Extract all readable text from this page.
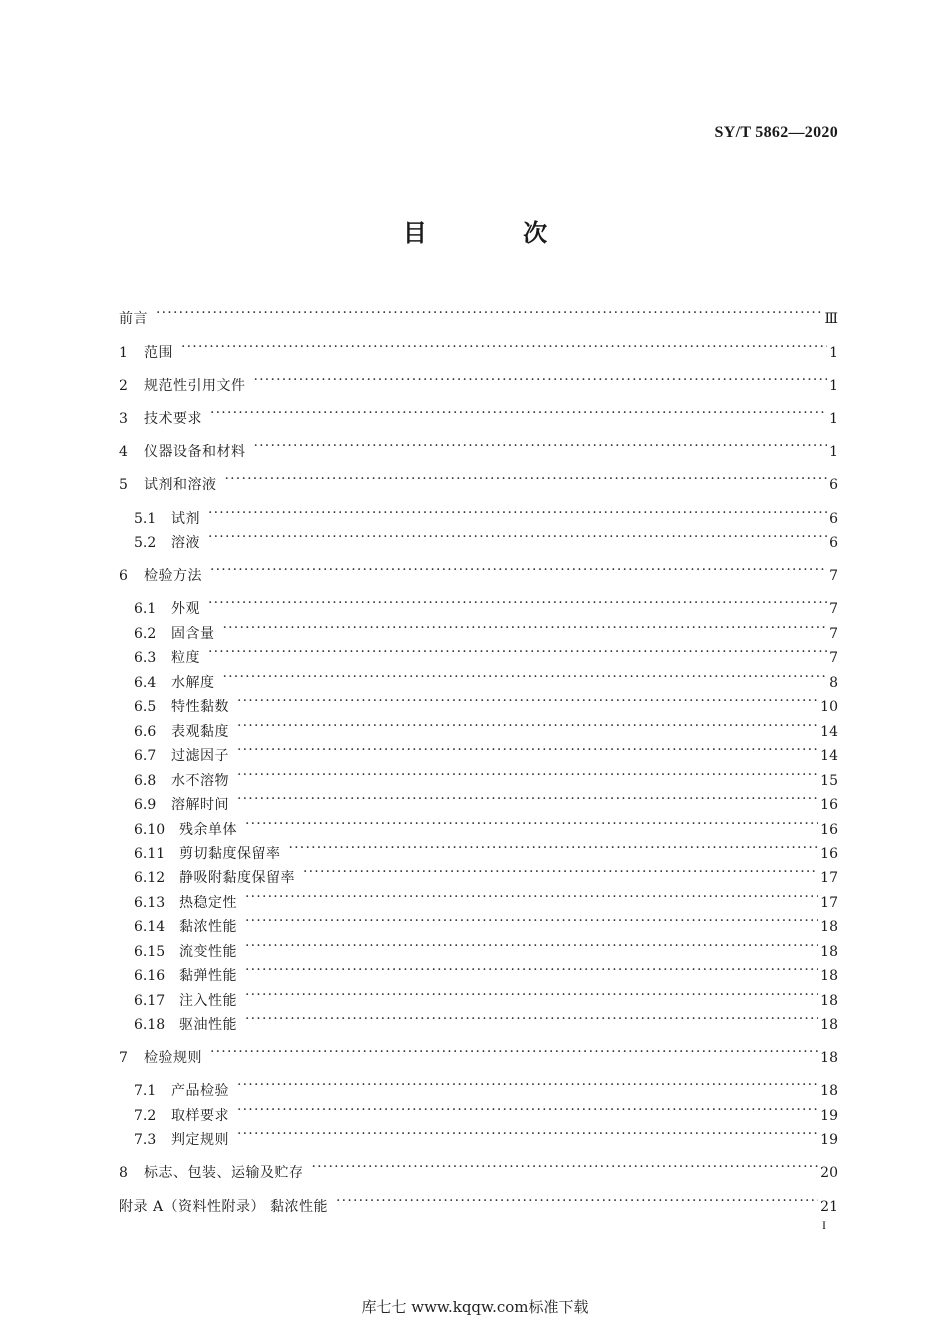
SY/T 5862—2020
目 次
前言 ·····	Ⅲ
1	范围 ·····	1
2	规范性引用文件 ·····	1
3	技术要求 ·····	1
4	仪器设备和材料 ·····	1
5	试剂和溶液 ·····	6
5.1	试剂 ·····	6
5.2	溶液 ·····	6
6	检验方法 ·····	7
6.1	外观 ·····	7
6.2	固含量 ·····	7
6.3	粒度 ·····	7
6.4	水解度 ·····	8
6.5	特性黏数 ·····	10
6.6	表观黏度 ·····	14
6.7	过滤因子 ·····	14
6.8	水不溶物 ·····	15
6.9	溶解时间 ·····	16
6.10 残余单体 ·····	16
6.11 剪切黏度保留率 ·····	16
6.12 静吸附黏度保留率 ·····	17
6.13 热稳定性 ·····	17
6.14 黏浓性能 ·····	18
6.15 流变性能 ·····	18
6.16 黏弹性能 ·····	18
6.17 注入性能 ·····	18
6.18 驱油性能 ·····	18
7	检验规则 ·····	18
7.1	产品检验 ·····	18
7.2	取样要求 ·····	19
7.3	判定规则 ·····	19
8	标志、包装、运输及贮存 ·····	20
附录 A（资料性附录） 黏浓性能 ·····	21
I
库七七 www.kqqw.com标准下载
